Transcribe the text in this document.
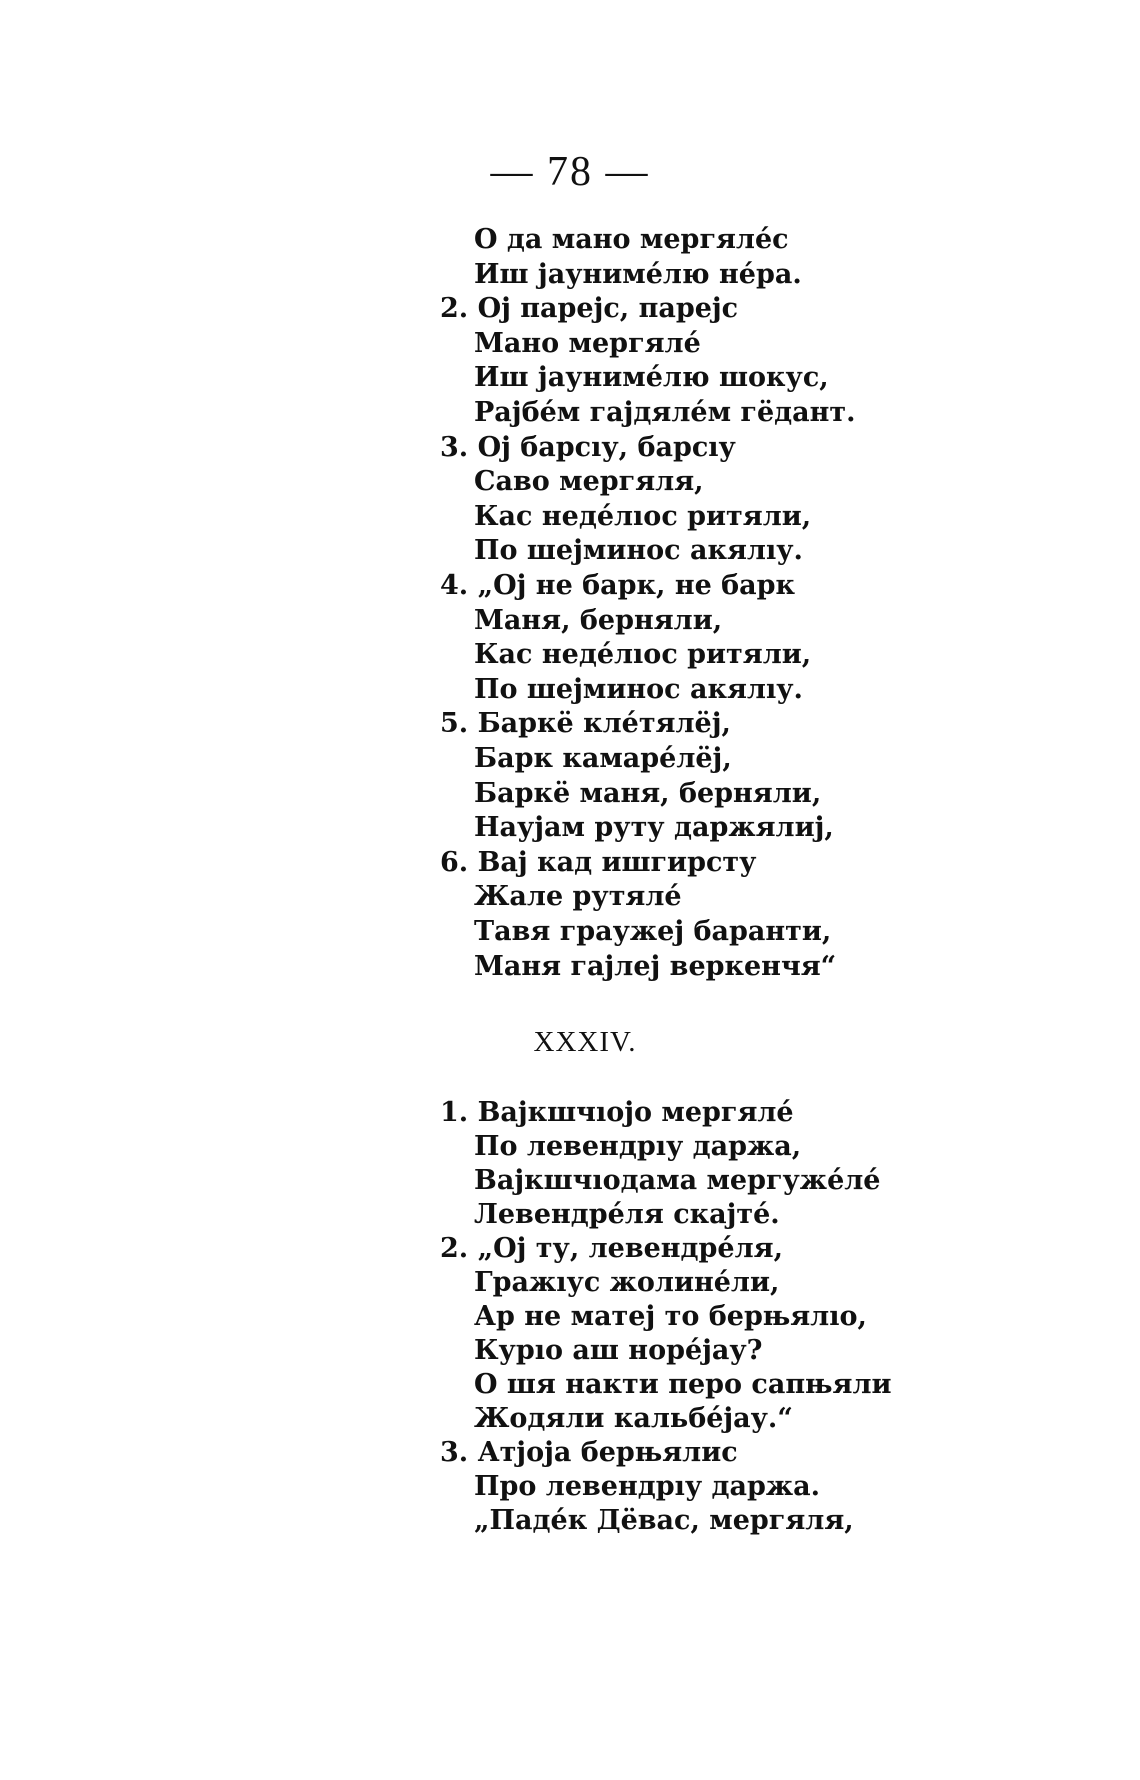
— 78 —
О да мано мергялéс
Иш јаунимéлю нéра.
2. Ој парејс, парејс
Мано мергялé
Иш јаунимéлю шокус,
Рајбéм гајдялéм гёдант.
3. Ој барсıу, барсıу
Саво мергяля,
Кас недéлıос ритяли,
По шејминос акялıу.
4. „Ој не барк, не барк
Маня, берняли,
Кас недéлıос ритяли,
По шејминос акялıу.
5. Баркё клéтялёј,
Барк камарéлёј,
Баркё маня, берняли,
Наујам руту даржялиј,
6. Вај кад ишгирсту
Жале рутялé
Тавя граужеј баранти,
Маня гајлеј веркенчя“
XXXIV.
1. Вајкшчıојо мергялé
По левендрıу даржа,
Вајкшчıодама мергужéлé
Левендрéля скајтé.
2. „Ој ту, левендрéля,
Гражıус жолинéли,
Ар не матеј то берњялıо,
Курıо аш норéјау?
О шя накти перо сапњяли
Жодяли кальбéјау.“
3. Атјоја берњялис
Про левендрıу даржа.
„Падéк Дёвас, мергяля,
